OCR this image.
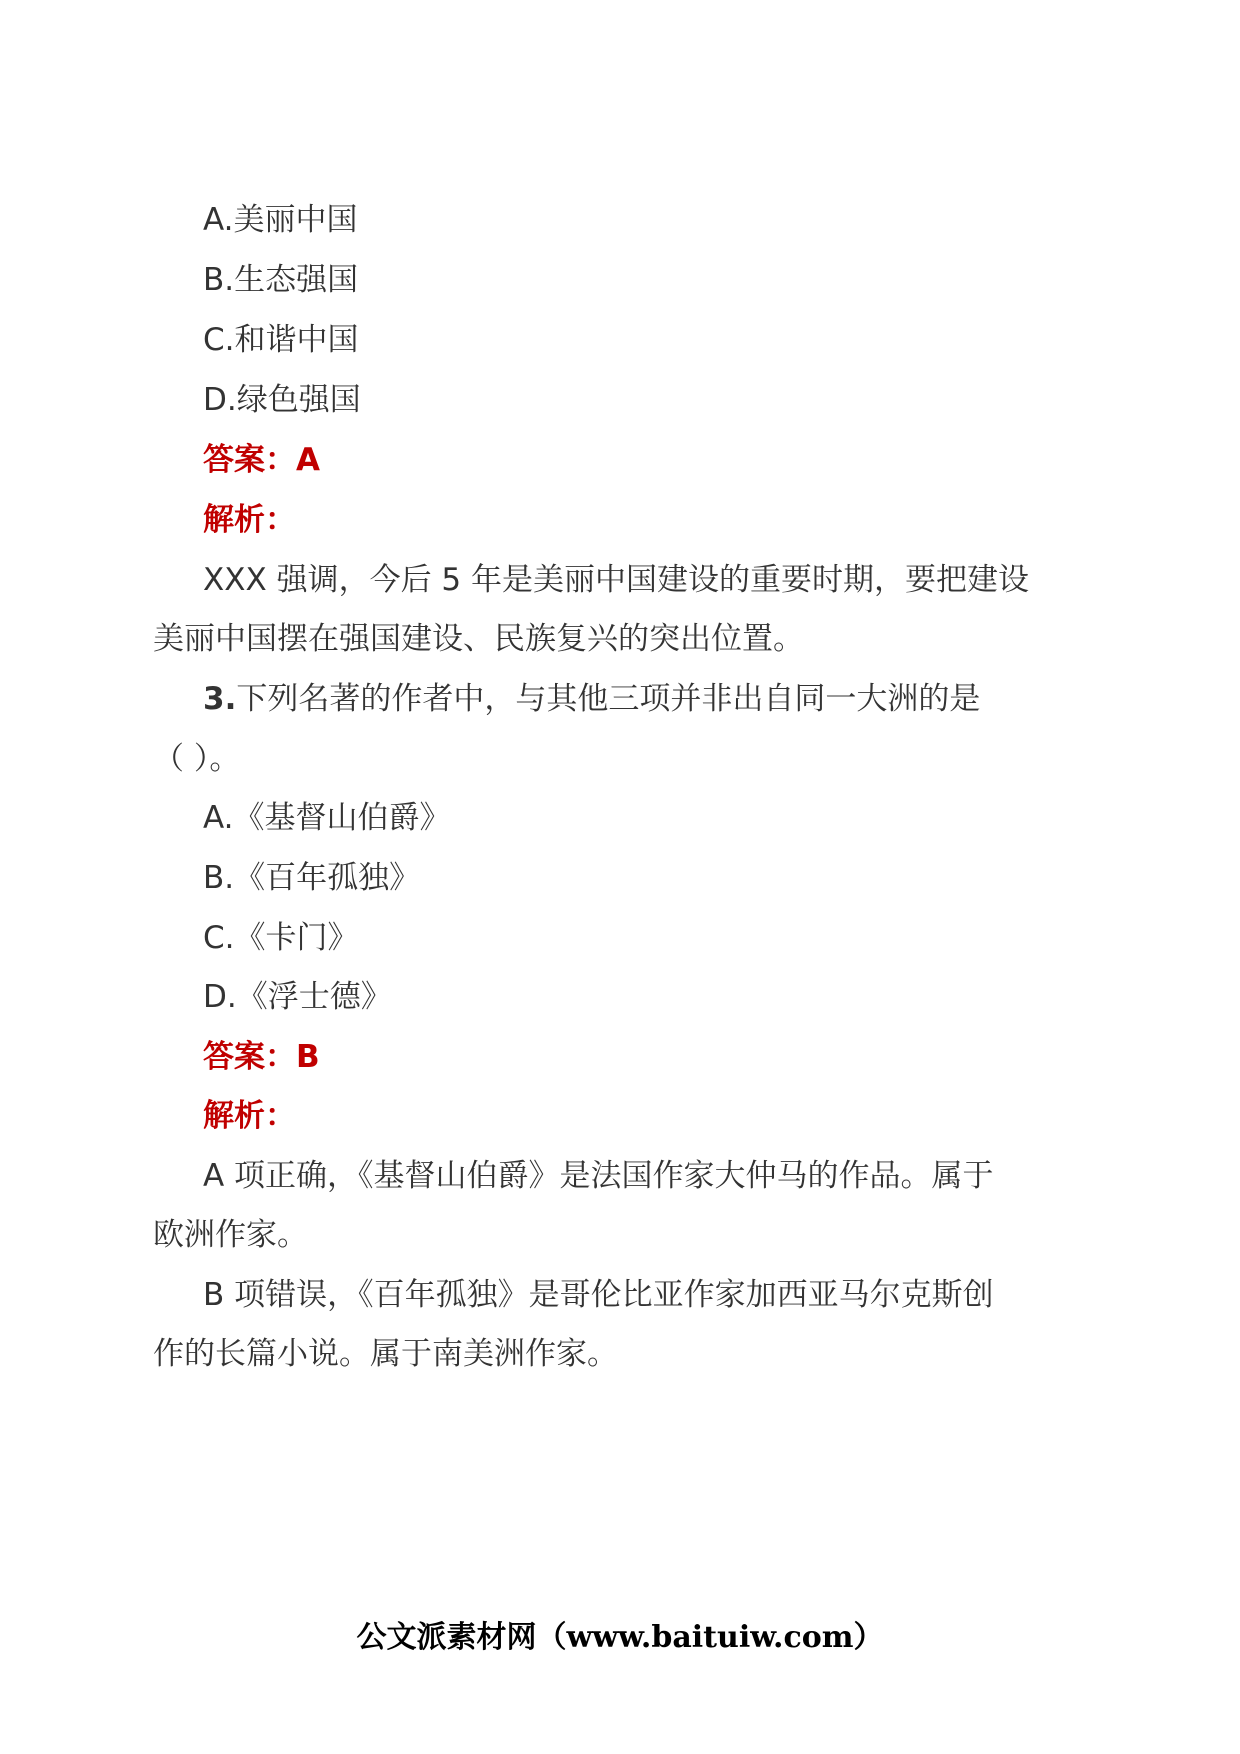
A.美丽中国
B.生态强国
C.和谐中国
D.绿色强国
答案：A
解析：
XXX 强调，今后 5 年是美丽中国建设的重要时期，要把建设
美丽中国摆在强国建设、民族复兴的突出位置。
3.下列名著的作者中，与其他三项并非出自同一大洲的是
（ ）。
A.《基督山伯爵》
B.《百年孤独》
C.《卡门》
D.《浮士德》
答案：B
解析：
A 项正确，《基督山伯爵》是法国作家大仲马的作品。属于
欧洲作家。
B 项错误，《百年孤独》是哥伦比亚作家加西亚马尔克斯创
作的长篇小说。属于南美洲作家。
公文派素材网（www.baituiw.com）
